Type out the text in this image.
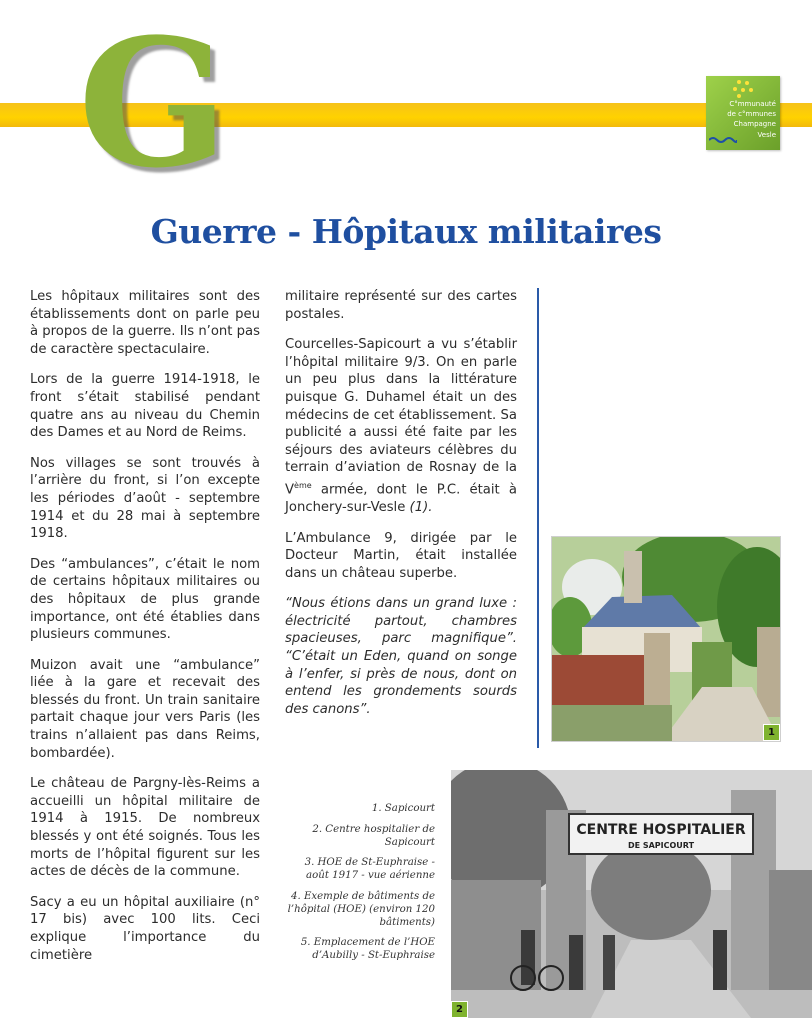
G	C°mmunauté
de c°mmunes
Champagne
Vesle
Guerre - Hôpitaux militaires

Les hôpitaux militaires sont des établissements dont on parle peu à propos de la guerre. Ils n’ont pas de caractère spectaculaire.

Lors de la guerre 1914-1918, le front s’était stabilisé pendant quatre ans au niveau du Chemin des Dames et au Nord de Reims.

Nos villages se sont trouvés à l’arrière du front, si l’on excepte les périodes d’août - septembre 1914 et du 28 mai à septembre 1918.

Des “ambulances”, c’était le nom de certains hôpitaux militaires ou des hôpitaux de plus grande importance, ont été établies dans plusieurs communes.

Muizon avait une “ambulance” liée à la gare et recevait des blessés du front. Un train sanitaire partait chaque jour vers Paris (les trains n’allaient pas dans Reims, bombardée).

Le château de Pargny-lès-Reims a accueilli un hôpital militaire de 1914 à 1915. De nombreux blessés y ont été soignés. Tous les morts de l’hôpital figurent sur les actes de décès de la commune.

Sacy a eu un hôpital auxiliaire (n° 17 bis) avec 100 lits. Ceci explique l’importance du cimetière

militaire représenté sur des cartes postales.

Courcelles-Sapicourt a vu s’établir l’hôpital militaire 9/3. On en parle un peu plus dans la littérature puisque G. Duhamel était un des médecins de cet établissement. Sa publicité a aussi été faite par les séjours des aviateurs célèbres du terrain d’aviation de Rosnay de la Vème armée, dont le P.C. était à Jonchery-sur-Vesle (1).

L’Ambulance 9, dirigée par le Docteur Martin, était installée dans un château superbe.

“Nous étions dans un grand luxe : électricité partout, chambres spacieuses, parc magnifique”. “C’était un Eden, quand on songe à l’enfer, si près de nous, dont on entend les grondements sourds des canons”.

1
CENTRE HOSPITALIER
DE SAPICOURT
2
1. Sapicourt
2. Centre hospitalier de Sapicourt
3. HOE de St-Euphraise - août 1917 - vue aérienne
4. Exemple de bâtiments de l’hôpital (HOE) (environ 120 bâtiments)
5. Emplacement de l’HOE d’Aubilly - St-Euphraise
